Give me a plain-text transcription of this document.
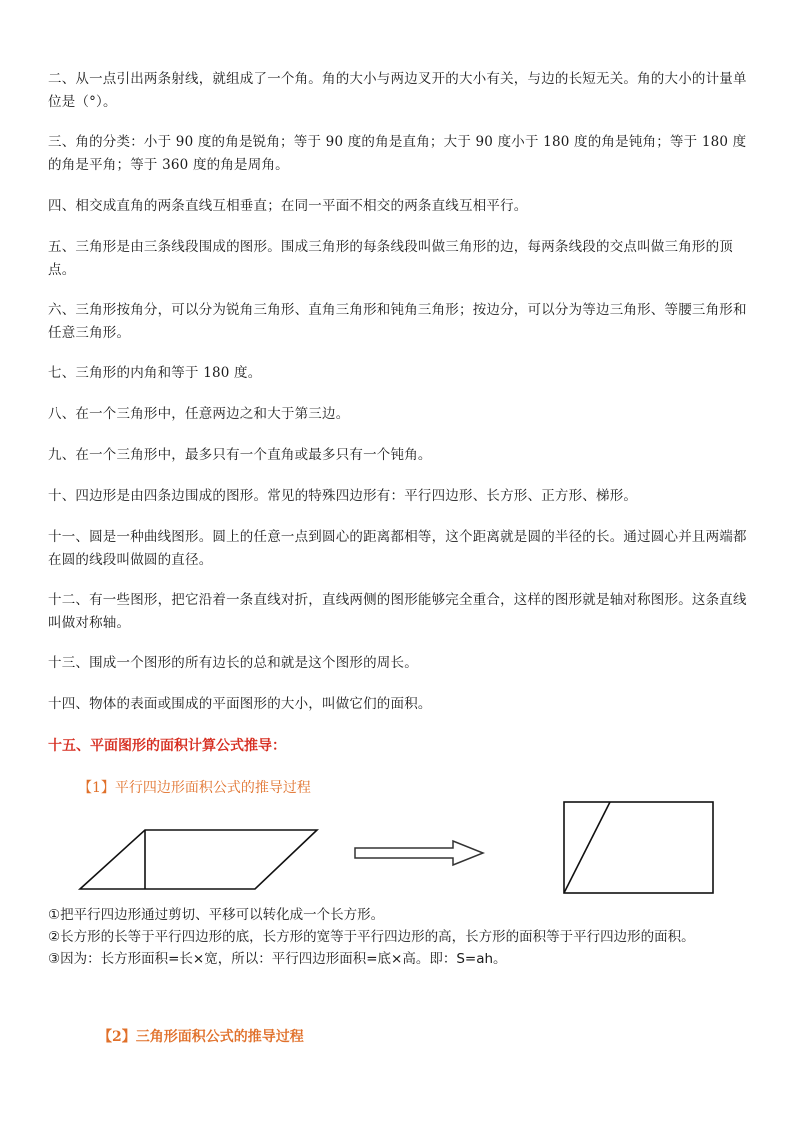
二、从一点引出两条射线，就组成了一个角。角的大小与两边叉开的大小有关，与边的长短无关。角的大小的计量单位是（°）。

三、角的分类：小于 90 度的角是锐角；等于 90 度的角是直角；大于 90 度小于 180 度的角是钝角；等于 180 度的角是平角；等于 360 度的角是周角。

四、相交成直角的两条直线互相垂直；在同一平面不相交的两条直线互相平行。

五、三角形是由三条线段围成的图形。围成三角形的每条线段叫做三角形的边，每两条线段的交点叫做三角形的顶点。

六、三角形按角分，可以分为锐角三角形、直角三角形和钝角三角形；按边分，可以分为等边三角形、等腰三角形和任意三角形。

七、三角形的内角和等于 180 度。

八、在一个三角形中，任意两边之和大于第三边。

九、在一个三角形中，最多只有一个直角或最多只有一个钝角。

十、四边形是由四条边围成的图形。常见的特殊四边形有：平行四边形、长方形、正方形、梯形。

十一、圆是一种曲线图形。圆上的任意一点到圆心的距离都相等，这个距离就是圆的半径的长。通过圆心并且两端都在圆的线段叫做圆的直径。

十二、有一些图形，把它沿着一条直线对折，直线两侧的图形能够完全重合，这样的图形就是轴对称图形。这条直线叫做对称轴。

十三、围成一个图形的所有边长的总和就是这个图形的周长。

十四、物体的表面或围成的平面图形的大小，叫做它们的面积。

十五、平面图形的面积计算公式推导：

【1】平行四边形面积公式的推导过程

①把平行四边形通过剪切、平移可以转化成一个长方形。

②长方形的长等于平行四边形的底，长方形的宽等于平行四边形的高，长方形的面积等于平行四边形的面积。

③因为：长方形面积=长×宽，所以：平行四边形面积=底×高。即：S=ah。

【2】三角形面积公式的推导过程
